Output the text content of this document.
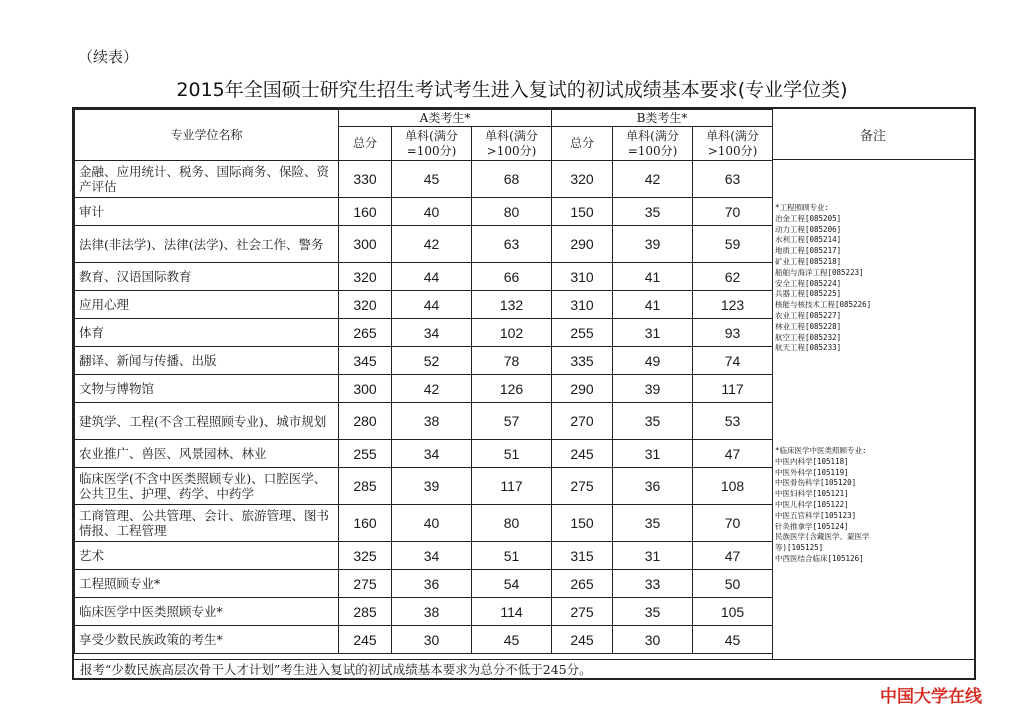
（续表）
2015年全国硕士研究生招生考试考生进入复试的初试成绩基本要求(专业学位类)
专业学位名称	A类考生*			B类考生*		
	总分	单科(满分=100分)	单科(满分>100分)	总分	单科(满分=100分)	单科(满分>100分)
金融、应用统计、税务、国际商务、保险、资产评估	330	45	68	320	42	63
审计	160	40	80	150	35	70
法律(非法学)、法律(法学)、社会工作、警务	300	42	63	290	39	59
教育、汉语国际教育	320	44	66	310	41	62
应用心理	320	44	132	310	41	123
体育	265	34	102	255	31	93
翻译、新闻与传播、出版	345	52	78	335	49	74
文物与博物馆	300	42	126	290	39	117
建筑学、工程(不含工程照顾专业)、城市规划	280	38	57	270	35	53
农业推广、兽医、风景园林、林业	255	34	51	245	31	47
临床医学(不含中医类照顾专业)、口腔医学、公共卫生、护理、药学、中药学	285	39	117	275	36	108
工商管理、公共管理、会计、旅游管理、图书情报、工程管理	160	40	80	150	35	70
艺术	325	34	51	315	31	47
工程照顾专业*	275	36	54	265	33	50
临床医学中医类照顾专业*	285	38	114	275	35	105
享受少数民族政策的考生*	245	30	45	245	30	45
备注
*工程照顾专业:
冶金工程[085205]
动力工程[085206]
水利工程[085214]
地质工程[085217]
矿业工程[085218]
船舶与海洋工程[085223]
安全工程[085224]
兵器工程[085225]
核能与核技术工程[085226]
农业工程[085227]
林业工程[085228]
航空工程[085232]
航天工程[085233]
*临床医学中医类照顾专业:
中医内科学[105118]
中医外科学[105119]
中医骨伤科学[105120]
中医妇科学[105121]
中医儿科学[105122]
中医五官科学[105123]
针灸推拿学[105124]
民族医学(含藏医学、蒙医学
等)[105125]
中西医结合临床[105126]
报考“少数民族高层次骨干人才计划”考生进入复试的初试成绩基本要求为总分不低于245分。
中国大学在线
